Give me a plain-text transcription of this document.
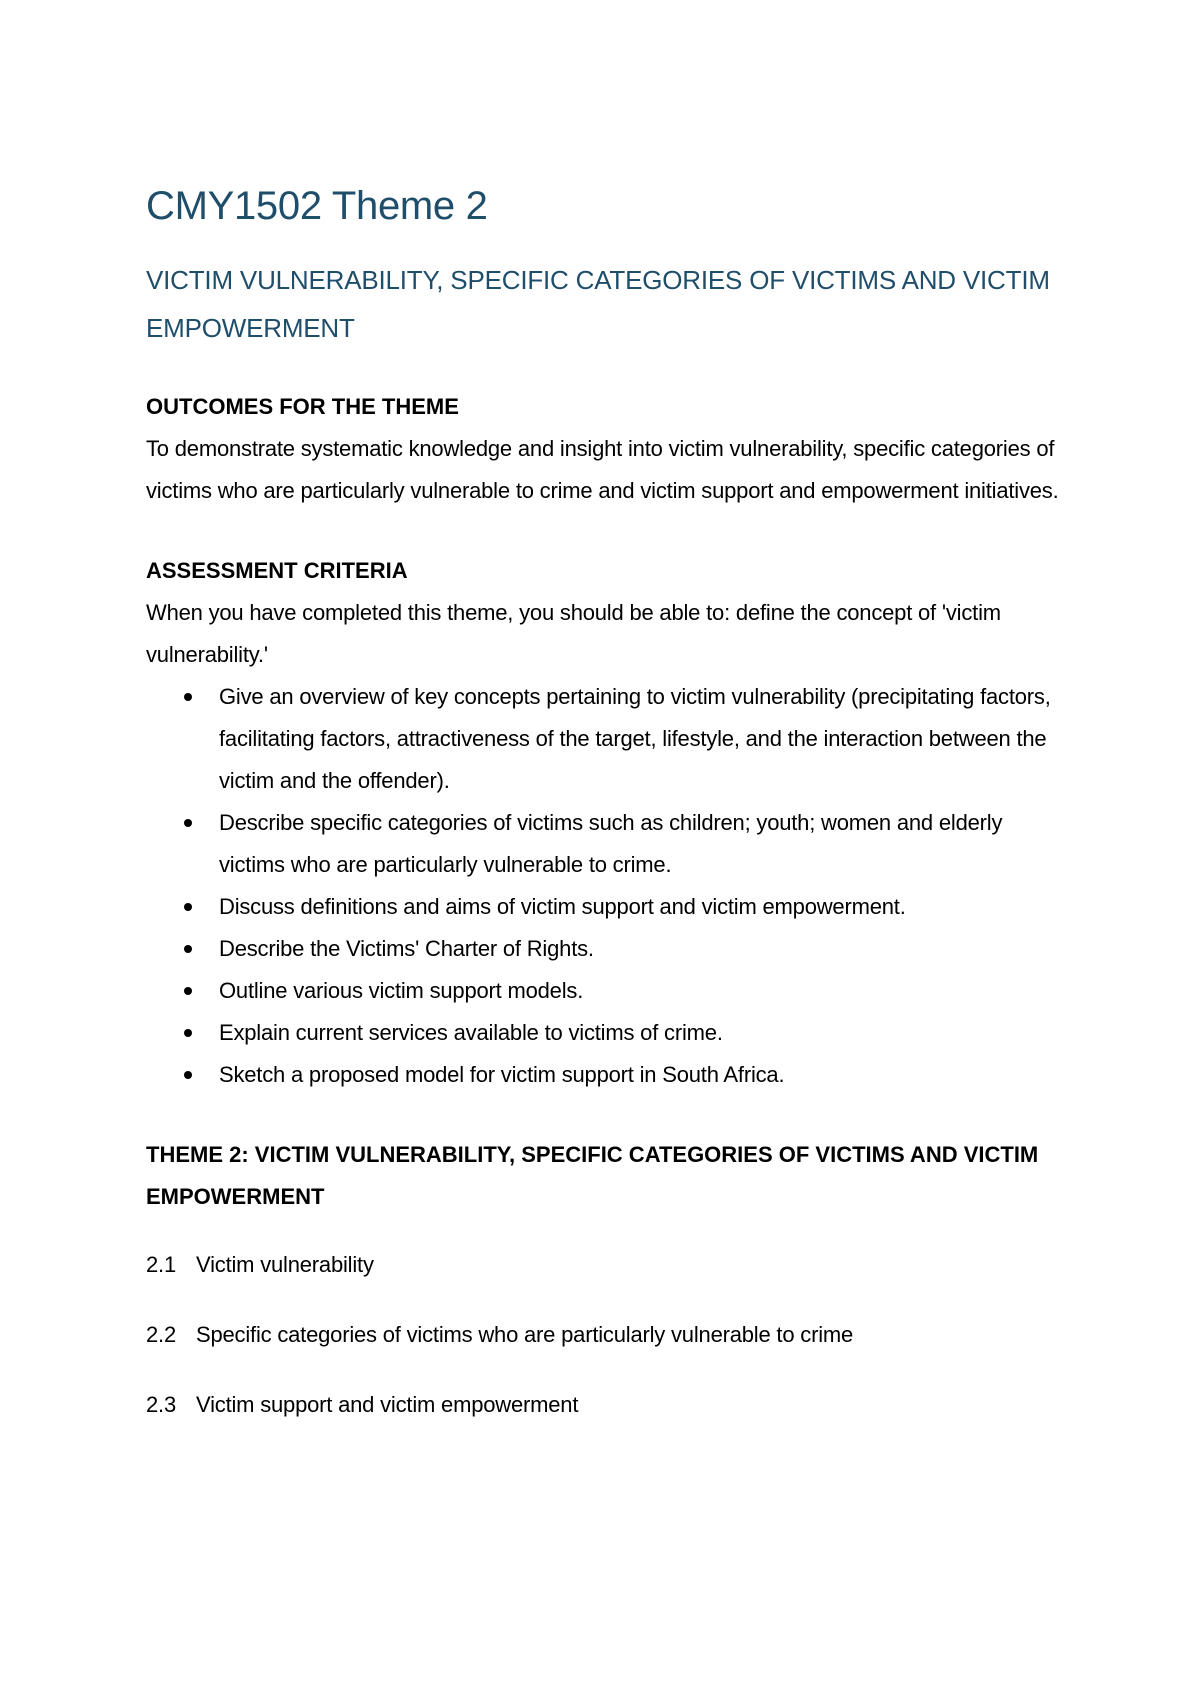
CMY1502 Theme 2
VICTIM VULNERABILITY, SPECIFIC CATEGORIES OF VICTIMS AND VICTIM EMPOWERMENT

OUTCOMES FOR THE THEME

To demonstrate systematic knowledge and insight into victim vulnerability, specific categories of victims who are particularly vulnerable to crime and victim support and empowerment initiatives.

ASSESSMENT CRITERIA

When you have completed this theme, you should be able to: define the concept of 'victim vulnerability.'

Give an overview of key concepts pertaining to victim vulnerability (precipitating factors, facilitating factors, attractiveness of the target, lifestyle, and the interaction between the victim and the offender).
Describe specific categories of victims such as children; youth; women and elderly victims who are particularly vulnerable to crime.
Discuss definitions and aims of victim support and victim empowerment.
Describe the Victims' Charter of Rights.
Outline various victim support models.
Explain current services available to victims of crime.
Sketch a proposed model for victim support in South Africa.

THEME 2: VICTIM VULNERABILITY, SPECIFIC CATEGORIES OF VICTIMS AND VICTIM EMPOWERMENT

2.1 Victim vulnerability

2.2 Specific categories of victims who are particularly vulnerable to crime

2.3 Victim support and victim empowerment
